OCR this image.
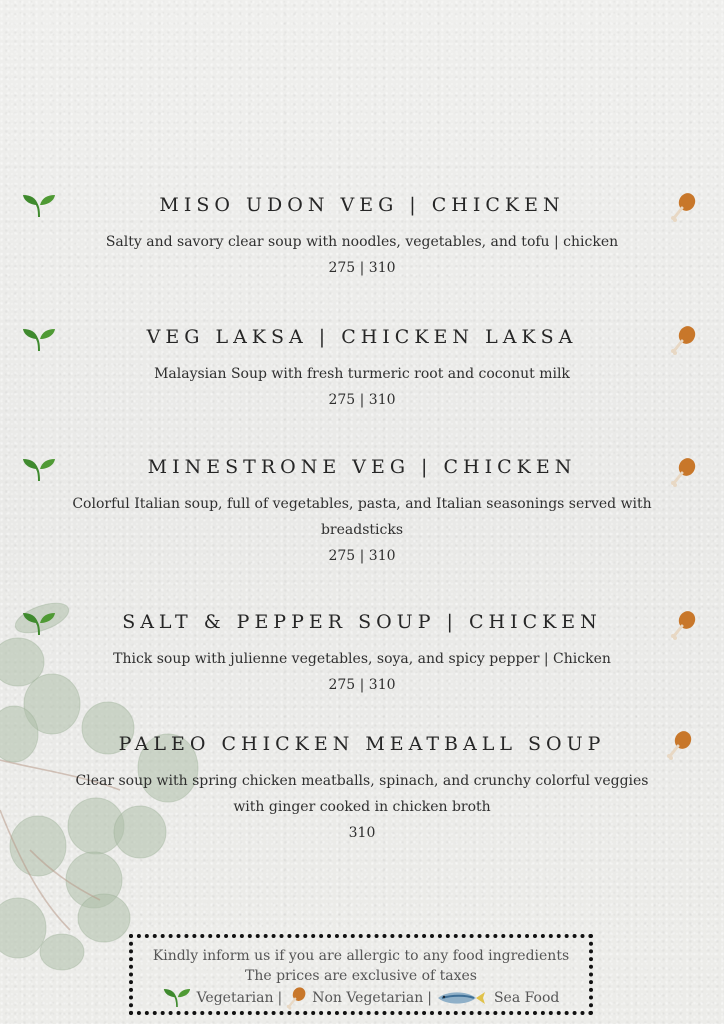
MISO UDON VEG | CHICKEN
Salty and savory clear soup with noodles, vegetables, and tofu | chicken
275 | 310
VEG LAKSA | CHICKEN LAKSA
Malaysian Soup with fresh turmeric root and coconut milk
275 | 310
MINESTRONE VEG | CHICKEN
Colorful Italian soup, full of vegetables, pasta, and Italian seasonings served with breadsticks
275 | 310
SALT & PEPPER SOUP | CHICKEN
Thick soup with julienne vegetables, soya, and spicy pepper | Chicken
275 | 310
PALEO CHICKEN MEATBALL SOUP
Clear soup with spring chicken meatballs, spinach, and crunchy colorful veggies with ginger cooked in chicken broth
310
Kindly inform us if you are allergic to any food ingredients
The prices are exclusive of taxes
Vegetarian | Non Vegetarian |	Sea Food
